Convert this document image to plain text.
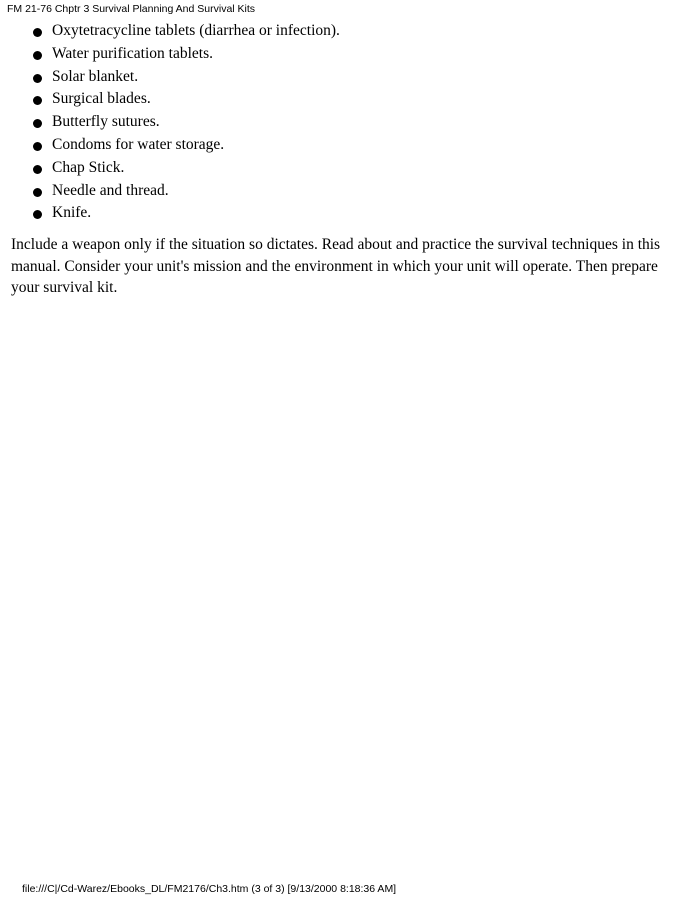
FM 21-76 Chptr 3 Survival Planning And Survival Kits
Oxytetracycline tablets (diarrhea or infection).
Water purification tablets.
Solar blanket.
Surgical blades.
Butterfly sutures.
Condoms for water storage.
Chap Stick.
Needle and thread.
Knife.

Include a weapon only if the situation so dictates. Read about and practice the survival techniques in this manual. Consider your unit's mission and the environment in which your unit will operate. Then prepare your survival kit.

file:///C|/Cd-Warez/Ebooks_DL/FM2176/Ch3.htm (3 of 3) [9/13/2000 8:18:36 AM]
